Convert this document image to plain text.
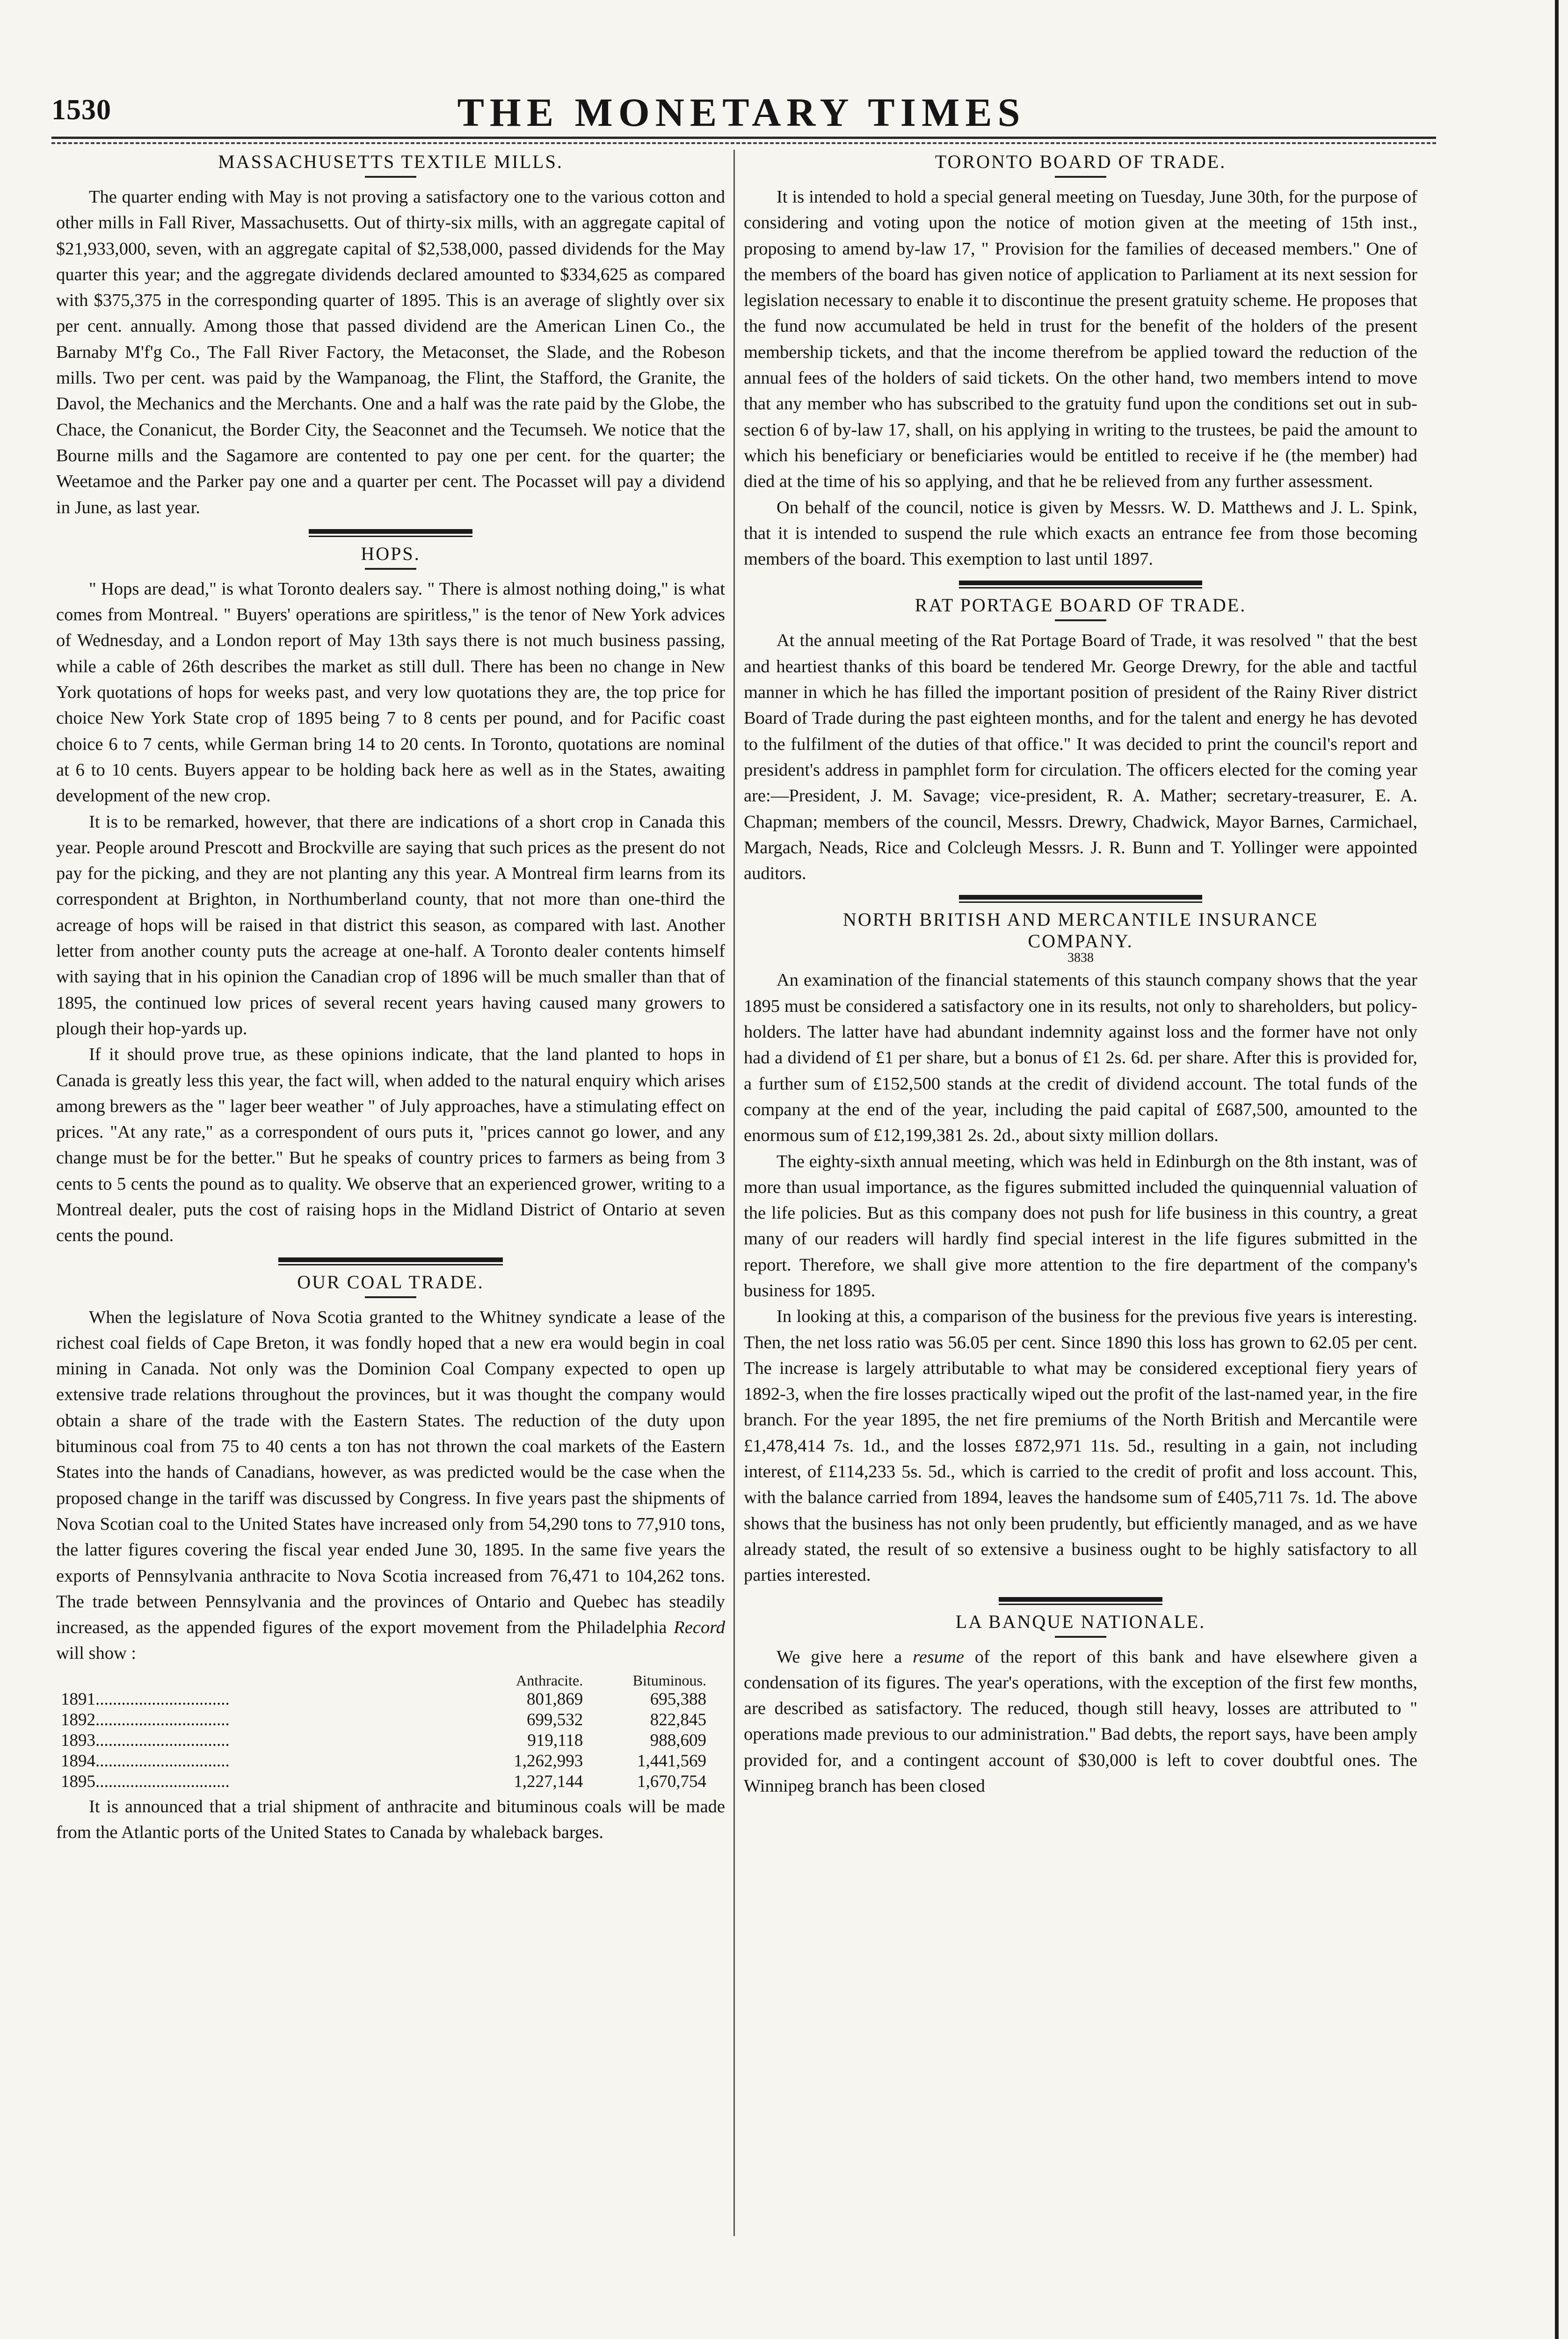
1530	THE MONETARY TIMES
MASSACHUSETTS TEXTILE MILLS.

The quarter ending with May is not proving a satisfactory one to the various cotton and other mills in Fall River, Massachusetts. Out of thirty-six mills, with an aggregate capital of $21,933,000, seven, with an aggregate capital of $2,538,000, passed dividends for the May quarter this year; and the aggregate dividends declared amounted to $334,625 as compared with $375,375 in the corresponding quarter of 1895. This is an average of slightly over six per cent. annually. Among those that passed dividend are the American Linen Co., the Barnaby M'f'g Co., The Fall River Factory, the Metaconset, the Slade, and the Robeson mills. Two per cent. was paid by the Wampanoag, the Flint, the Stafford, the Granite, the Davol, the Mechanics and the Merchants. One and a half was the rate paid by the Globe, the Chace, the Conanicut, the Border City, the Seaconnet and the Tecumseh. We notice that the Bourne mills and the Sagamore are contented to pay one per cent. for the quarter; the Weetamoe and the Parker pay one and a quarter per cent. The Pocasset will pay a dividend in June, as last year.

HOPS.

" Hops are dead," is what Toronto dealers say. " There is almost nothing doing," is what comes from Montreal. " Buyers' operations are spiritless," is the tenor of New York advices of Wednesday, and a London report of May 13th says there is not much business passing, while a cable of 26th describes the market as still dull. There has been no change in New York quotations of hops for weeks past, and very low quotations they are, the top price for choice New York State crop of 1895 being 7 to 8 cents per pound, and for Pacific coast choice 6 to 7 cents, while German bring 14 to 20 cents. In Toronto, quotations are nominal at 6 to 10 cents. Buyers appear to be holding back here as well as in the States, awaiting development of the new crop.

It is to be remarked, however, that there are indications of a short crop in Canada this year. People around Prescott and Brockville are saying that such prices as the present do not pay for the picking, and they are not planting any this year. A Montreal firm learns from its correspondent at Brighton, in Northumberland county, that not more than one-third the acreage of hops will be raised in that district this season, as compared with last. Another letter from another county puts the acreage at one-half. A Toronto dealer contents himself with saying that in his opinion the Canadian crop of 1896 will be much smaller than that of 1895, the continued low prices of several recent years having caused many growers to plough their hop-yards up.

If it should prove true, as these opinions indicate, that the land planted to hops in Canada is greatly less this year, the fact will, when added to the natural enquiry which arises among brewers as the " lager beer weather " of July approaches, have a stimulating effect on prices. "At any rate," as a correspondent of ours puts it, "prices cannot go lower, and any change must be for the better." But he speaks of country prices to farmers as being from 3 cents to 5 cents the pound as to quality. We observe that an experienced grower, writing to a Montreal dealer, puts the cost of raising hops in the Midland District of Ontario at seven cents the pound.

OUR COAL TRADE.

When the legislature of Nova Scotia granted to the Whitney syndicate a lease of the richest coal fields of Cape Breton, it was fondly hoped that a new era would begin in coal mining in Canada. Not only was the Dominion Coal Company expected to open up extensive trade relations throughout the provinces, but it was thought the company would obtain a share of the trade with the Eastern States. The reduction of the duty upon bituminous coal from 75 to 40 cents a ton has not thrown the coal markets of the Eastern States into the hands of Canadians, however, as was predicted would be the case when the proposed change in the tariff was discussed by Congress. In five years past the shipments of Nova Scotian coal to the United States have increased only from 54,290 tons to 77,910 tons, the latter figures covering the fiscal year ended June 30, 1895. In the same five years the exports of Pennsylvania anthracite to Nova Scotia increased from 76,471 to 104,262 tons. The trade between Pennsylvania and the provinces of Ontario and Quebec has steadily increased, as the appended figures of the export movement from the Philadelphia Record will show :

	Anthracite.	Bituminous.
1891...............................	801,869	695,388
1892...............................	699,532	822,845
1893...............................	919,118	988,609
1894...............................	1,262,993	1,441,569
1895...............................	1,227,144	1,670,754

It is announced that a trial shipment of anthracite and bituminous coals will be made from the Atlantic ports of the United States to Canada by whaleback barges.

TORONTO BOARD OF TRADE.

It is intended to hold a special general meeting on Tuesday, June 30th, for the purpose of considering and voting upon the notice of motion given at the meeting of 15th inst., proposing to amend by-law 17, " Provision for the families of deceased members." One of the members of the board has given notice of application to Parliament at its next session for legislation necessary to enable it to discontinue the present gratuity scheme. He proposes that the fund now accumulated be held in trust for the benefit of the holders of the present membership tickets, and that the income therefrom be applied toward the reduction of the annual fees of the holders of said tickets. On the other hand, two members intend to move that any member who has subscribed to the gratuity fund upon the conditions set out in sub-section 6 of by-law 17, shall, on his applying in writing to the trustees, be paid the amount to which his beneficiary or beneficiaries would be entitled to receive if he (the member) had died at the time of his so applying, and that he be relieved from any further assessment.

On behalf of the council, notice is given by Messrs. W. D. Matthews and J. L. Spink, that it is intended to suspend the rule which exacts an entrance fee from those becoming members of the board. This exemption to last until 1897.

RAT PORTAGE BOARD OF TRADE.

At the annual meeting of the Rat Portage Board of Trade, it was resolved " that the best and heartiest thanks of this board be tendered Mr. George Drewry, for the able and tactful manner in which he has filled the important position of president of the Rainy River district Board of Trade during the past eighteen months, and for the talent and energy he has devoted to the fulfilment of the duties of that office." It was decided to print the council's report and president's address in pamphlet form for circulation. The officers elected for the coming year are:—President, J. M. Savage; vice-president, R. A. Mather; secretary-treasurer, E. A. Chapman; members of the council, Messrs. Drewry, Chadwick, Mayor Barnes, Carmichael, Margach, Neads, Rice and Colcleugh Messrs. J. R. Bunn and T. Yollinger were appointed auditors.

NORTH BRITISH AND MERCANTILE INSURANCE
COMPANY.
3838

An examination of the financial statements of this staunch company shows that the year 1895 must be considered a satisfactory one in its results, not only to shareholders, but policy-holders. The latter have had abundant indemnity against loss and the former have not only had a dividend of £1 per share, but a bonus of £1 2s. 6d. per share. After this is provided for, a further sum of £152,500 stands at the credit of dividend account. The total funds of the company at the end of the year, including the paid capital of £687,500, amounted to the enormous sum of £12,199,381 2s. 2d., about sixty million dollars.

The eighty-sixth annual meeting, which was held in Edinburgh on the 8th instant, was of more than usual importance, as the figures submitted included the quinquennial valuation of the life policies. But as this company does not push for life business in this country, a great many of our readers will hardly find special interest in the life figures submitted in the report. Therefore, we shall give more attention to the fire department of the company's business for 1895.

In looking at this, a comparison of the business for the previous five years is interesting. Then, the net loss ratio was 56.05 per cent. Since 1890 this loss has grown to 62.05 per cent. The increase is largely attributable to what may be considered exceptional fiery years of 1892-3, when the fire losses practically wiped out the profit of the last-named year, in the fire branch. For the year 1895, the net fire premiums of the North British and Mercantile were £1,478,414 7s. 1d., and the losses £872,971 11s. 5d., resulting in a gain, not including interest, of £114,233 5s. 5d., which is carried to the credit of profit and loss account. This, with the balance carried from 1894, leaves the handsome sum of £405,711 7s. 1d. The above shows that the business has not only been prudently, but efficiently managed, and as we have already stated, the result of so extensive a business ought to be highly satisfactory to all parties interested.

LA BANQUE NATIONALE.

We give here a resume of the report of this bank and have elsewhere given a condensation of its figures. The year's operations, with the exception of the first few months, are described as satisfactory. The reduced, though still heavy, losses are attributed to " operations made previous to our administration." Bad debts, the report says, have been amply provided for, and a contingent account of $30,000 is left to cover doubtful ones. The Winnipeg branch has been closed
